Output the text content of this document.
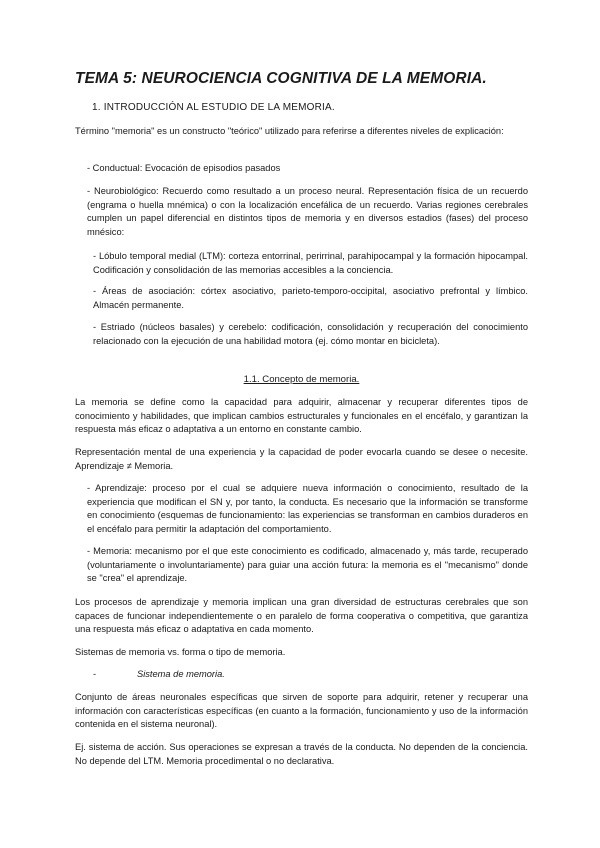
TEMA 5: NEUROCIENCIA COGNITIVA DE LA MEMORIA.
1. INTRODUCCIÓN AL ESTUDIO DE LA MEMORIA.
Término "memoria" es un constructo "teórico" utilizado para referirse a diferentes niveles de explicación:
- Conductual: Evocación de episodios pasados
- Neurobiológico: Recuerdo como resultado a un proceso neural. Representación física de un recuerdo (engrama o huella mnémica) o con la localización encefálica de un recuerdo. Varias regiones cerebrales cumplen un papel diferencial en distintos tipos de memoria y en diversos estadios (fases) del proceso mnésico:
- Lóbulo temporal medial (LTM): corteza entorrinal, perirrinal, parahipocampal y la formación hipocampal. Codificación y consolidación de las memorias accesibles a la conciencia.
- Áreas de asociación: córtex asociativo, parieto-temporo-occipital, asociativo prefrontal y límbico. Almacén permanente.
- Estriado (núcleos basales) y cerebelo: codificación, consolidación y recuperación del conocimiento relacionado con la ejecución de una habilidad motora (ej. cómo montar en bicicleta).
1.1. Concepto de memoria.
La memoria se define como la capacidad para adquirir, almacenar y recuperar diferentes tipos de conocimiento y habilidades, que implican cambios estructurales y funcionales en el encéfalo, y garantizan la respuesta más eficaz o adaptativa a un entorno en constante cambio.
Representación mental de una experiencia y la capacidad de poder evocarla cuando se desee o necesite. Aprendizaje ≠ Memoria.
- Aprendizaje: proceso por el cual se adquiere nueva información o conocimiento, resultado de la experiencia que modifican el SN y, por tanto, la conducta. Es necesario que la información se transforme en conocimiento (esquemas de funcionamiento: las experiencias se transforman en cambios duraderos en el encéfalo para permitir la adaptación del comportamiento.
- Memoria: mecanismo por el que este conocimiento es codificado, almacenado y, más tarde, recuperado (voluntariamente o involuntariamente) para guiar una acción futura: la memoria es el "mecanismo" donde se "crea" el aprendizaje.
Los procesos de aprendizaje y memoria implican una gran diversidad de estructuras cerebrales que son capaces de funcionar independientemente o en paralelo de forma cooperativa o competitiva, que garantiza una respuesta más eficaz o adaptativa en cada momento.
Sistemas de memoria vs. forma o tipo de memoria.
-	Sistema de memoria.
Conjunto de áreas neuronales específicas que sirven de soporte para adquirir, retener y recuperar una información con características específicas (en cuanto a la formación, funcionamiento y uso de la información contenida en el sistema neuronal).
Ej. sistema de acción. Sus operaciones se expresan a través de la conducta. No dependen de la conciencia. No depende del LTM. Memoria procedimental o no declarativa.
